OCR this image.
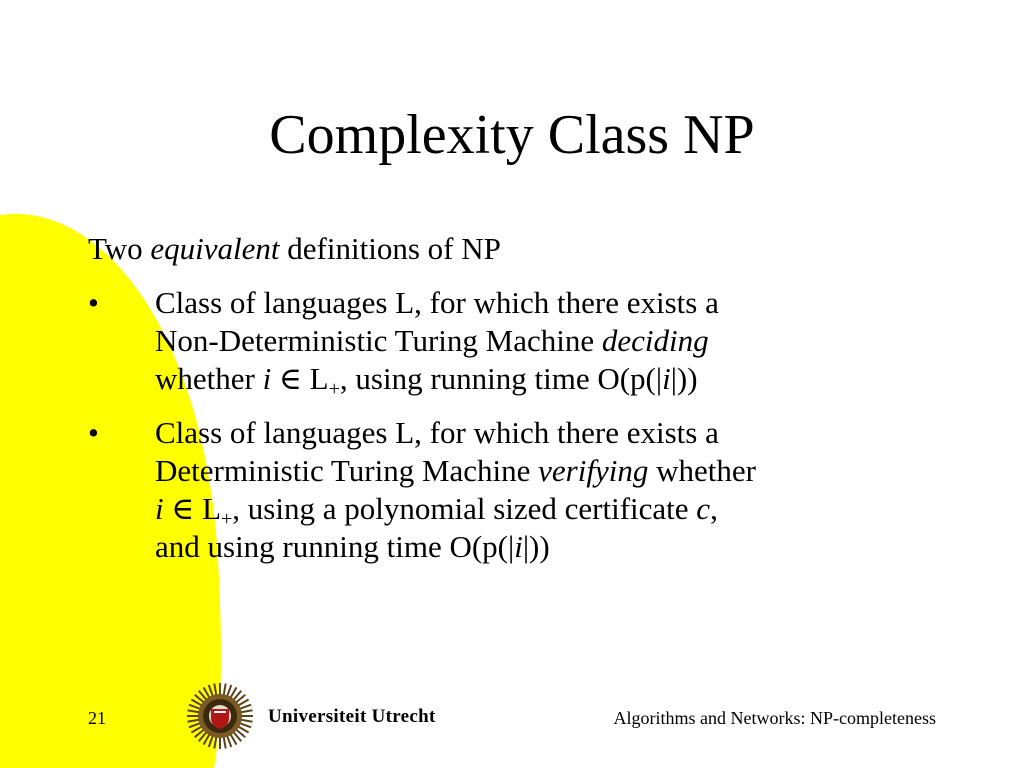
Complexity Class NP

Two equivalent definitions of NP

• Class of languages L, for which there exists a
Non-Deterministic Turing Machine deciding
whether i ∈ $L_+$, using running time O(p(|i|))
• Class of languages L, for which there exists a
Deterministic Turing Machine verifying whether
i ∈ $L_+$, using a polynomial sized certificate c,
and using running time O(p(|i|))
21	Universiteit Utrecht	Algorithms and Networks: NP-completeness
